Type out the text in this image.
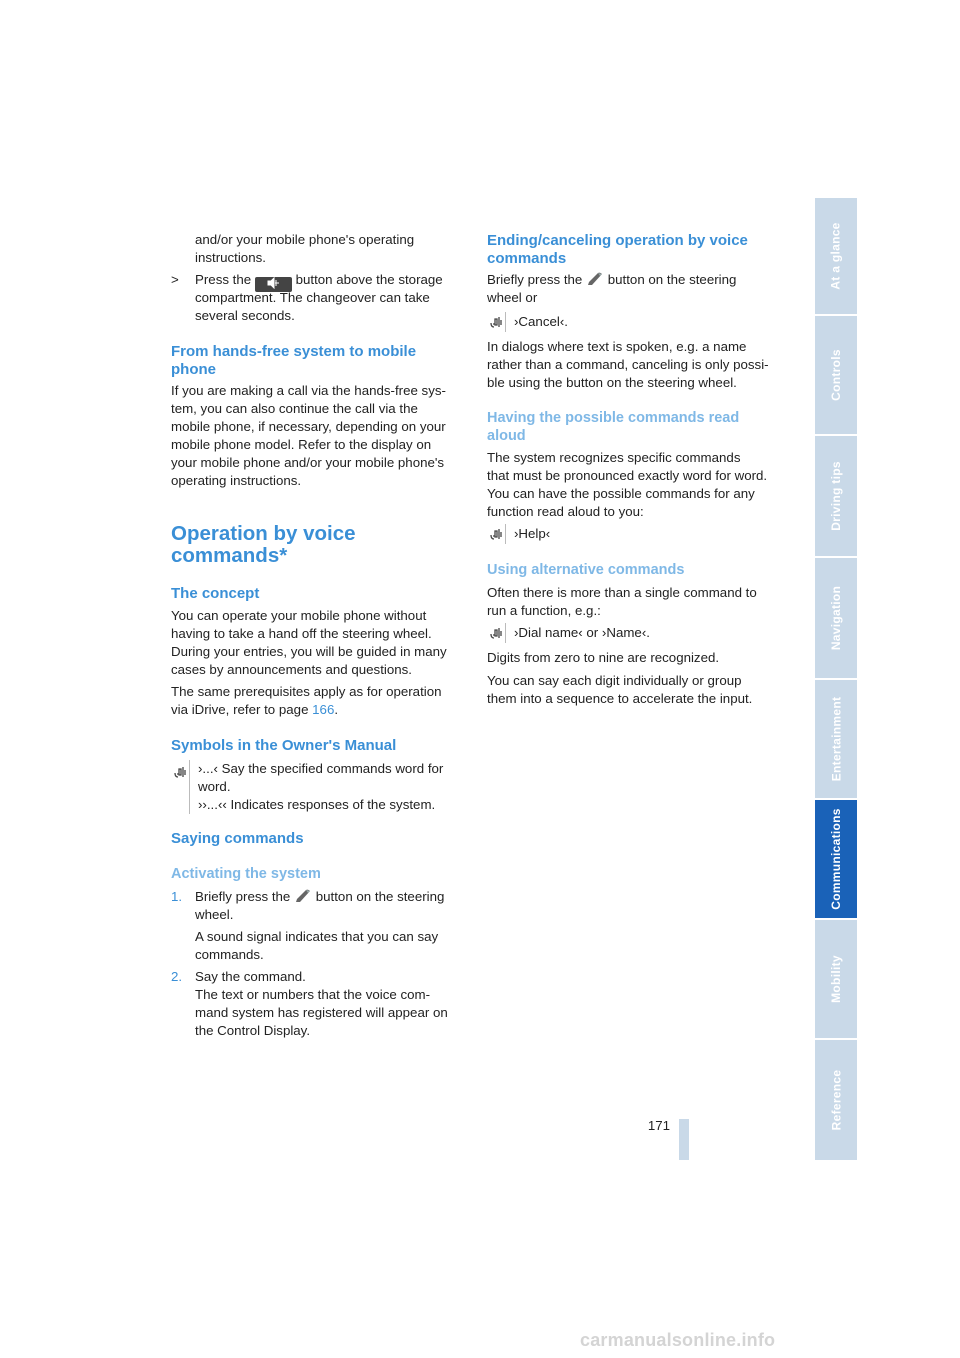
and/or your mobile phone's operating

instructions.

> Press the	button above the storage

compartment. The changeover can take

several seconds.

From hands-free system to mobile
phone

If you are making a call via the hands-free sys-

tem, you can also continue the call via the

mobile phone, if necessary, depending on your

mobile phone model. Refer to the display on

your mobile phone and/or your mobile phone's

operating instructions.

Operation by voice
commands*
The concept

You can operate your mobile phone without

having to take a hand off the steering wheel.

During your entries, you will be guided in many

cases by announcements and questions.

The same prerequisites apply as for operation

via iDrive, refer to page 166.

Symbols in the Owner's Manual

›...‹ Say the specified commands word for

word.

››...‹‹ Indicates responses of the system.

Saying commands
Activating the system

1. Briefly press the button on the steering

wheel.

A sound signal indicates that you can say

commands.

2. Say the command.

The text or numbers that the voice com-

mand system has registered will appear on

the Control Display.

Ending/canceling operation by voice
commands

Briefly press the button on the steering

wheel or

›Cancel‹.

In dialogs where text is spoken, e.g. a name

rather than a command, canceling is only possi-

ble using the button on the steering wheel.

Having the possible commands read
aloud

The system recognizes specific commands

that must be pronounced exactly word for word.

You can have the possible commands for any

function read aloud to you:

›Help‹

Using alternative commands

Often there is more than a single command to

run a function, e.g.:

›Dial name‹ or ›Name‹.

Digits from zero to nine are recognized.

You can say each digit individually or group

them into a sequence to accelerate the input.

At a glance
Controls
Driving tips
Navigation
Entertainment
Communications
Mobility
Reference
171
carmanualsonline.info
